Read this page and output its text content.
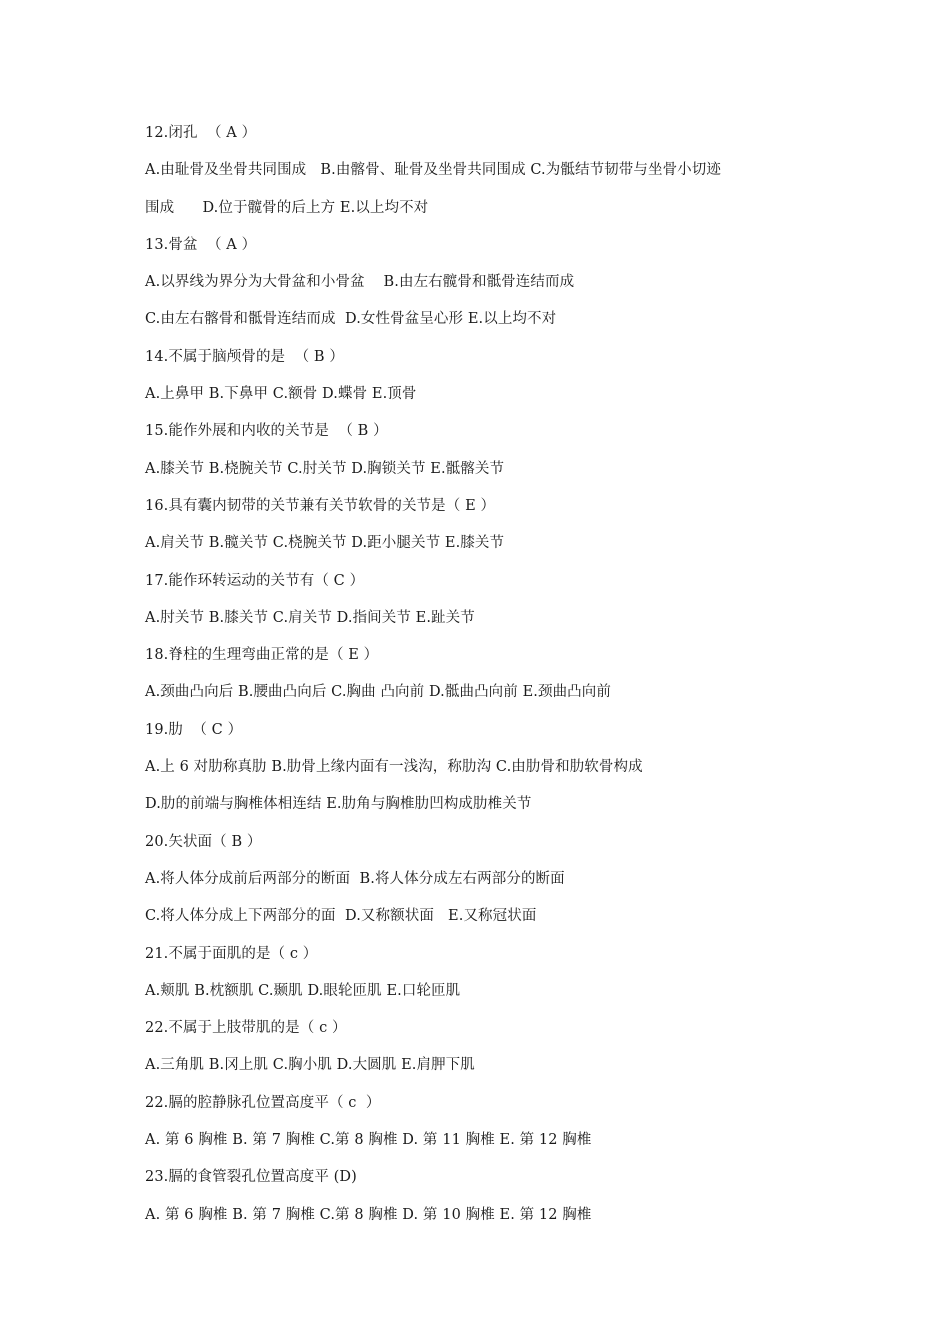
12.闭孔  （ A ）
A.由耻骨及坐骨共同围成   B.由髂骨、耻骨及坐骨共同围成 C.为骶结节韧带与坐骨小切迹
围成      D.位于髋骨的后上方 E.以上均不对
13.骨盆  （ A ）
A.以界线为界分为大骨盆和小骨盆    B.由左右髋骨和骶骨连结而成
C.由左右髂骨和骶骨连结而成  D.女性骨盆呈心形 E.以上均不对
14.不属于脑颅骨的是  （ B ）
A.上鼻甲 B.下鼻甲 C.额骨 D.蝶骨 E.顶骨
15.能作外展和内收的关节是  （ B ）
A.膝关节 B.桡腕关节 C.肘关节 D.胸锁关节 E.骶髂关节
16.具有囊内韧带的关节兼有关节软骨的关节是（ E ）
A.肩关节 B.髋关节 C.桡腕关节 D.距小腿关节 E.膝关节
17.能作环转运动的关节有（ C ）
A.肘关节 B.膝关节 C.肩关节 D.指间关节 E.趾关节
18.脊柱的生理弯曲正常的是（ E ）
A.颈曲凸向后 B.腰曲凸向后 C.胸曲 凸向前 D.骶曲凸向前 E.颈曲凸向前
19.肋  （ C ）
A.上 6 对肋称真肋 B.肋骨上缘内面有一浅沟，称肋沟 C.由肋骨和肋软骨构成
D.肋的前端与胸椎体相连结 E.肋角与胸椎肋凹构成肋椎关节
20.矢状面（ B ）
A.将人体分成前后两部分的断面  B.将人体分成左右两部分的断面
C.将人体分成上下两部分的面  D.又称额状面   E.又称冠状面
21.不属于面肌的是（ c ）
A.颊肌 B.枕额肌 C.颞肌 D.眼轮匝肌 E.口轮匝肌
22.不属于上肢带肌的是（ c ）
A.三角肌 B.冈上肌 C.胸小肌 D.大圆肌 E.肩胛下肌
22.膈的腔静脉孔位置高度平（ c  ）
A. 第 6 胸椎 B. 第 7 胸椎 C.第 8 胸椎 D. 第 11 胸椎 E. 第 12 胸椎
23.膈的食管裂孔位置高度平 (D)
A. 第 6 胸椎 B. 第 7 胸椎 C.第 8 胸椎 D. 第 10 胸椎 E. 第 12 胸椎
